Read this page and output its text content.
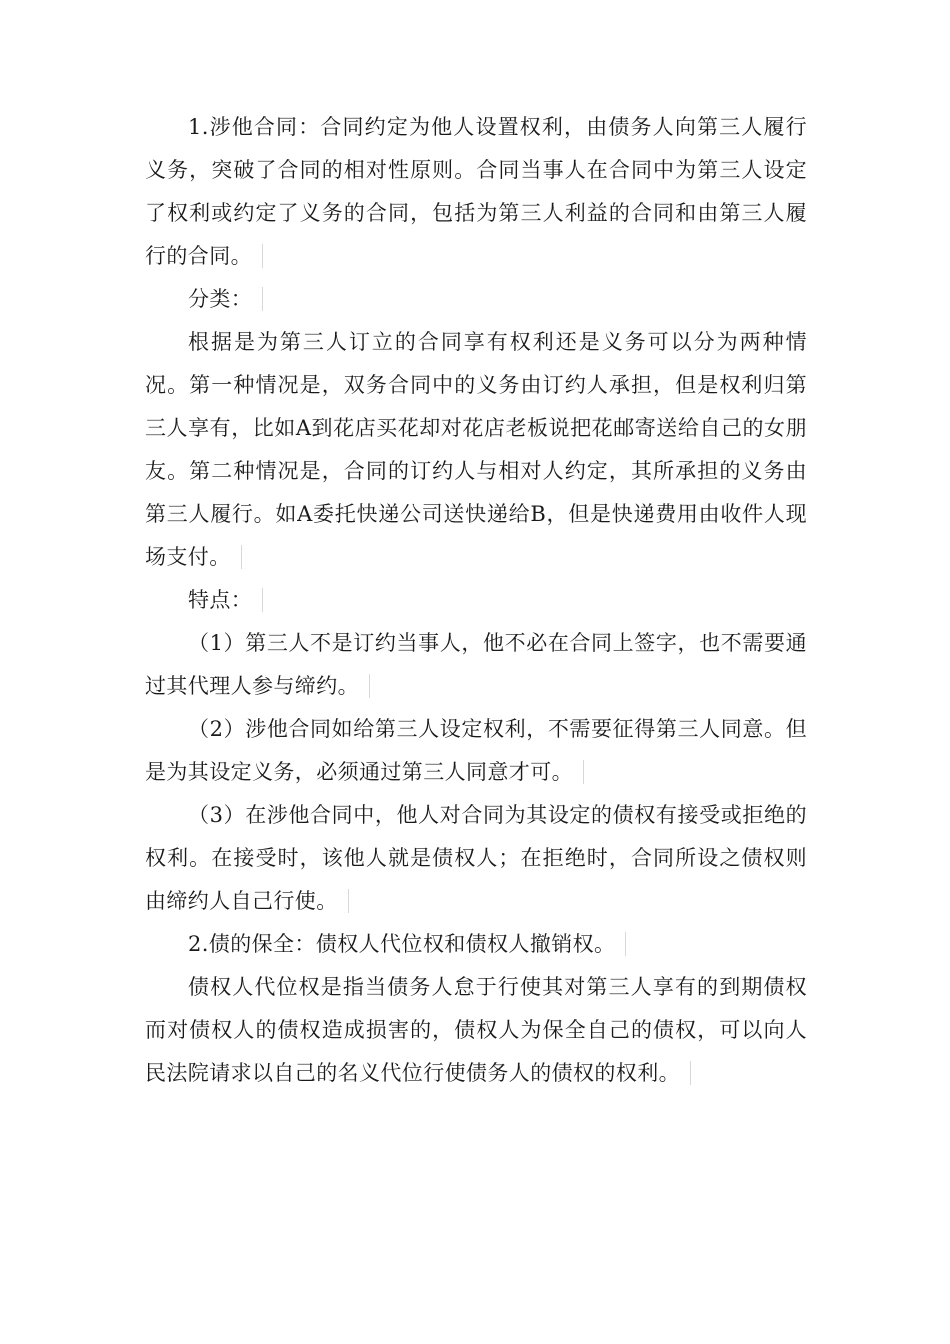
1.涉他合同：合同约定为他人设置权利，由债务人向第三人履行义务，突破了合同的相对性原则。合同当事人在合同中为第三人设定了权利或约定了义务的合同，包括为第三人利益的合同和由第三人履行的合同。

分类：

根据是为第三人订立的合同享有权利还是义务可以分为两种情况。第一种情况是，双务合同中的义务由订约人承担，但是权利归第三人享有，比如A到花店买花却对花店老板说把花邮寄送给自己的女朋友。第二种情况是，合同的订约人与相对人约定，其所承担的义务由第三人履行。如A委托快递公司送快递给B，但是快递费用由收件人现场支付。

特点：

（1）第三人不是订约当事人，他不必在合同上签字，也不需要通过其代理人参与缔约。

（2）涉他合同如给第三人设定权利，不需要征得第三人同意。但是为其设定义务，必须通过第三人同意才可。

（3）在涉他合同中，他人对合同为其设定的债权有接受或拒绝的权利。在接受时，该他人就是债权人；在拒绝时，合同所设之债权则由缔约人自己行使。

2.债的保全：债权人代位权和债权人撤销权。

债权人代位权是指当债务人怠于行使其对第三人享有的到期债权而对债权人的债权造成损害的，债权人为保全自己的债权，可以向人民法院请求以自己的名义代位行使债务人的债权的权利。
